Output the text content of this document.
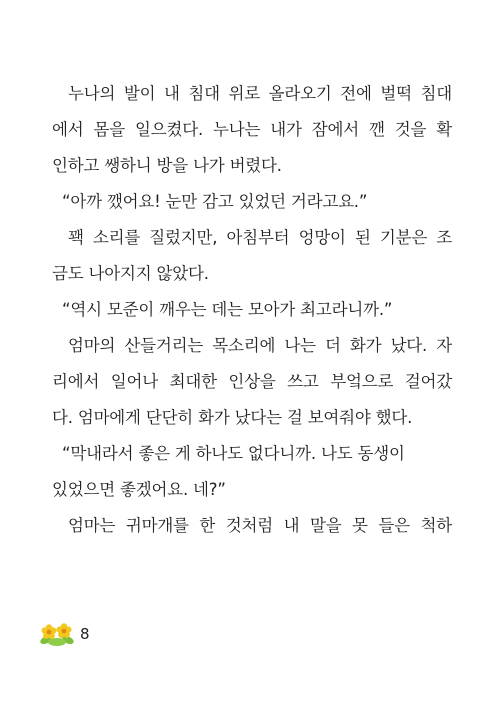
누나의 발이 내 침대 위로 올라오기 전에 벌떡 침대
에서 몸을 일으켰다. 누나는 내가 잠에서 깬 것을 확
인하고 쌩하니 방을 나가 버렸다.
“아까 깼어요! 눈만 감고 있었던 거라고요.”
꽥 소리를 질렀지만, 아침부터 엉망이 된 기분은 조
금도 나아지지 않았다.
“역시 모준이 깨우는 데는 모아가 최고라니까.”
엄마의 산들거리는 목소리에 나는 더 화가 났다. 자
리에서 일어나 최대한 인상을 쓰고 부엌으로 걸어갔
다. 엄마에게 단단히 화가 났다는 걸 보여줘야 했다.
“막내라서 좋은 게 하나도 없다니까. 나도 동생이
있었으면 좋겠어요. 네?”
엄마는 귀마개를 한 것처럼 내 말을 못 들은 척하
8
